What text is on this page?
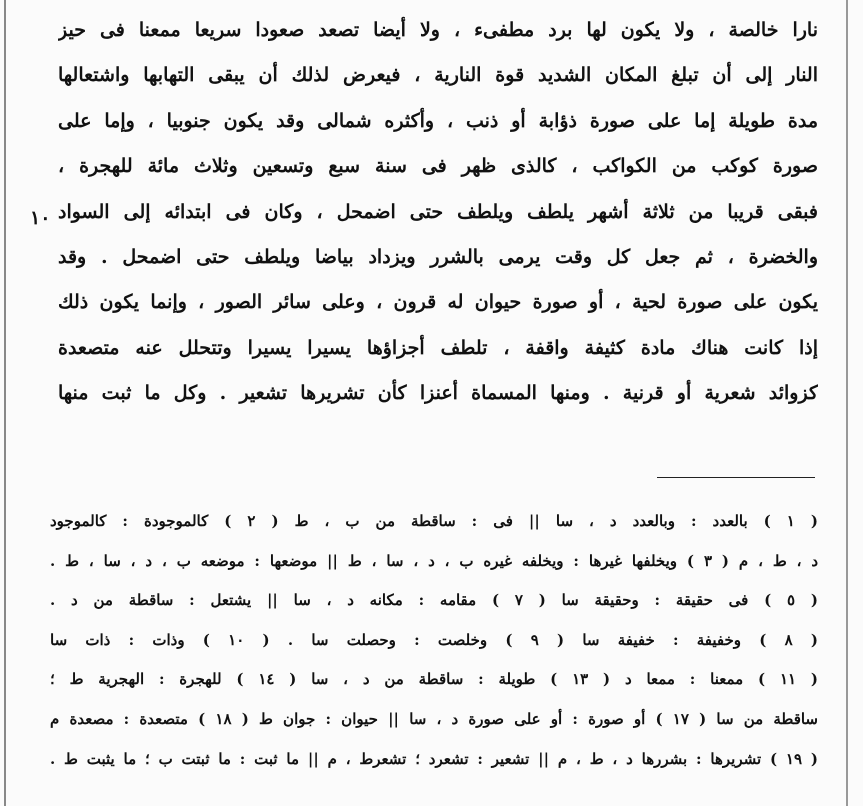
نارا خالصة ، ولا يكون لها برد مطفىء ، ولا أيضا تصعد صعودا سريعا ممعنا فى حيز
النار إلى أن تبلغ المكان الشديد قوة النارية ، فيعرض لذلك أن يبقى التهابها واشتعالها
مدة طويلة إما على صورة ذؤابة أو ذنب ، وأكثره شمالى وقد يكون جنوبيا ، وإما على
صورة كوكب من الكواكب ، كالذى ظهر فى سنة سبع وتسعين وثلاث مائة للهجرة ،
فبقى قريبا من ثلاثة أشهر يلطف ويلطف حتى اضمحل ، وكان فى ابتدائه إلى السواد
والخضرة ، ثم جعل كل وقت يرمى بالشرر ويزداد بياضا ويلطف حتى اضمحل . وقد
يكون على صورة لحية ، أو صورة حيوان له قرون ، وعلى سائر الصور ، وإنما يكون ذلك
إذا كانت هناك مادة كثيفة واقفة ، تلطف أجزاؤها يسيرا يسيرا وتتحلل عنه متصعدة
كزوائد شعرية أو قرنية . ومنها المسماة أعنزا كأن تشريرها تشعير . وكل ما ثبت منها
١٠
( ١ ) بالعدد : وبالعدد د ، سا || فى : ساقطة من ب ، ط ( ٢ ) كالموجودة : كالموجود
د ، ط ، م ( ٣ ) ويخلفها غيرها : ويخلفه غيره ب ، د ، سا ، ط || موضعها : موضعه ب ، د ، سا ، ط .
( ٥ ) فى حقيقة : وحقيقة سا ( ٧ ) مقامه : مكانه د ، سا || يشتعل : ساقطة من د .
( ٨ ) وخفيفة : خفيفة سا ( ٩ ) وخلصت : وحصلت سا . ( ١٠ ) وذات : ذات سا
( ١١ ) ممعنا : ممعا د ( ١٣ ) طويلة : ساقطة من د ، سا ( ١٤ ) للهجرة : الهجرية ط ؛
ساقطة من سا ( ١٧ ) أو صورة : أو على صورة د ، سا || حيوان : جوان ط ( ١٨ ) متصعدة : مصعدة م
( ١٩ ) تشريرها : بشررها د ، ط ، م || تشعير : تشعرد ؛ تشعرط ، م || ما ثبت : ما ثبتت ب ؛ ما يثبت ط .
